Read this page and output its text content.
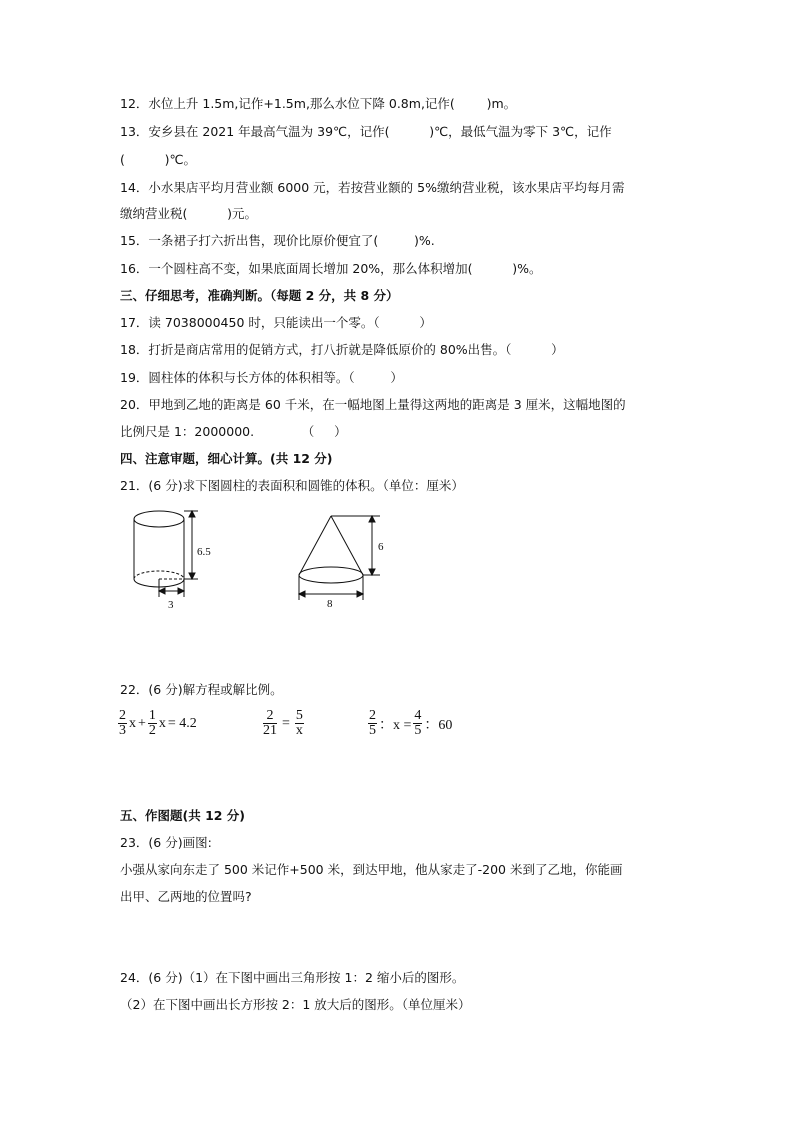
12．水位上升 1.5m,记作+1.5m,那么水位下降 0.8m,记作(        )m。
13．安乡县在 2021 年最高气温为 39℃，记作(          )℃，最低气温为零下 3℃，记作
(          )℃。
14．小水果店平均月营业额 6000 元，若按营业额的 5%缴纳营业税，该水果店平均每月需
缴纳营业税(          )元。
15．一条裙子打六折出售，现价比原价便宜了(         )%.
16．一个圆柱高不变，如果底面周长增加 20%，那么体积增加(          )%。
三、仔细思考，准确判断。（每题 2 分，共 8 分）
17．读 7038000450 时，只能读出一个零。（          ）
18．打折是商店常用的促销方式，打八折就是降低原价的 80%出售。（          ）
19．圆柱体的体积与长方体的体积相等。（         ）
20．甲地到乙地的距离是 60 千米，在一幅地图上量得这两地的距离是 3 厘米，这幅地图的
比例尺是 1：2000000.            （     ）
四、注意审题，细心计算。(共 12 分)
21．(6 分)求下图圆柱的表面积和圆锥的体积。（单位：厘米）
6.5
3
6
8
22．(6 分)解方程或解比例。
$\frac{2}{3}$ $x + \frac{1}{2}$ x = 4.2	$\frac{2}{21} = \frac{5}{x}$	$\frac{2}{5}$ ：$x = \frac{4}{5}$ ：60
五、作图题(共 12 分)
23．(6 分)画图:
小强从家向东走了 500 米记作+500 米，到达甲地，他从家走了-200 米到了乙地，你能画
出甲、乙两地的位置吗?
24．(6 分)（1）在下图中画出三角形按 1：2 缩小后的图形。
（2）在下图中画出长方形按 2：1 放大后的图形。（单位厘米）
